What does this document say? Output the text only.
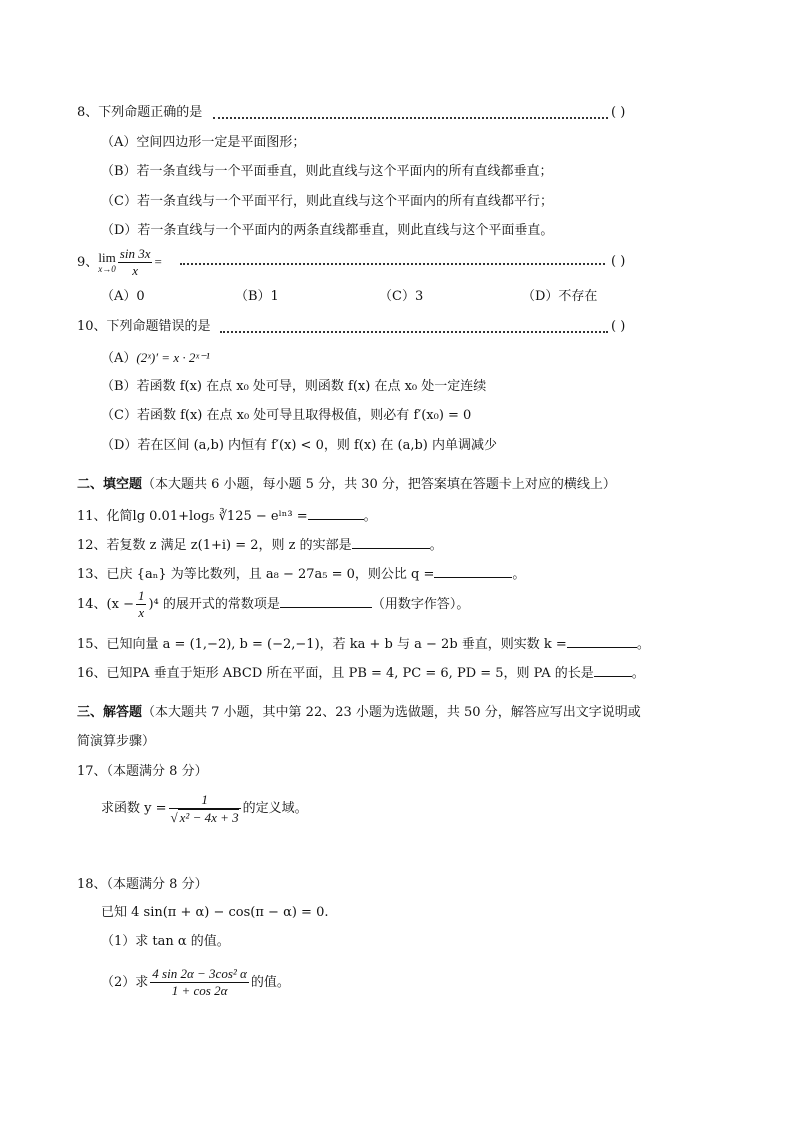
8、下列命题正确的是	( )
（A）空间四边形一定是平面图形；
（B）若一条直线与一个平面垂直，则此直线与这个平面内的所有直线都垂直；
（C）若一条直线与一个平面平行，则此直线与这个平面内的所有直线都平行；
（D）若一条直线与一个平面内的两条直线都垂直，则此直线与这个平面垂直。
9、 lim
$x\to 0 \frac{\sin 3x}{x}$ =	( )
（A）0	（B）1	（C）3	（D）不存在
10、下列命题错误的是	( )
（A）(2ˣ)′ = x · 2ˣ⁻¹
（B）若函数 f(x) 在点 x₀ 处可导，则函数 f(x) 在点 x₀ 处一定连续
（C）若函数 f(x) 在点 x₀ 处可导且取得极值，则必有 f′(x₀) = 0
（D）若在区间 (a,b) 内恒有 f′(x) < 0，则 f(x) 在 (a,b) 内单调减少
二、填空题（本大题共 6 小题，每小题 5 分，共 30 分，把答案填在答题卡上对应的横线上）
11、化简lg 0.01+log₅ ∛125 − eˡⁿ³ =	。
12、若复数 z 满足 z(1+i) = 2，则 z 的实部是	。
13、已庆 {aₙ} 为等比数列，且 a₈ − 27a₅ = 0，则公比 q =	。
14、$(x - \frac{1}{x} )^4$ 的展开式的常数项是	（用数字作答）。
15、已知向量 a = (1,−2), b = (−2,−1)，若 ka + b 与 a − 2b 垂直，则实数 k =	。
16、已知PA 垂直于矩形 ABCD 所在平面，且 PB = 4, PC = 6, PD = 5，则 PA 的长是	。
三、解答题（本大题共 7 小题，其中第 22、23 小题为选做题，共 50 分，解答应写出文字说明或
简演算步骤）
17、（本题满分 8 分）
求函数 $y = \frac{1}{\text{√ x² − 4x + 3}}$ 的定义域。
18、（本题满分 8 分）
已知 4 sin(π + α) − cos(π − α) = 0.
（1）求 tan α 的值。
（2）求 $\frac{\text{4 sin 2α − 3cos² α}}{1 + \cos 2\alpha}$ 的值。
